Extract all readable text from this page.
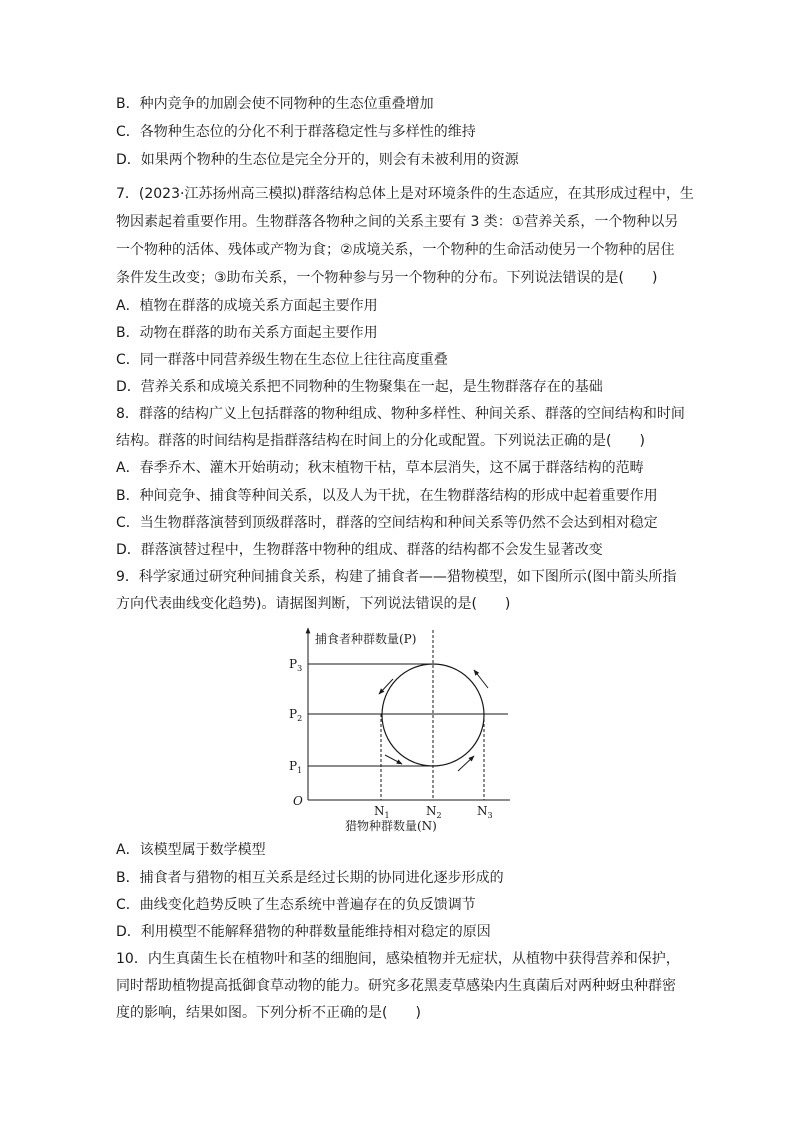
B．种内竞争的加剧会使不同物种的生态位重叠增加
C．各物种生态位的分化不利于群落稳定性与多样性的维持
D．如果两个物种的生态位是完全分开的，则会有未被利用的资源
7．(2023·江苏扬州高三模拟)群落结构总体上是对环境条件的生态适应，在其形成过程中，生
物因素起着重要作用。生物群落各物种之间的关系主要有 3 类：①营养关系，一个物种以另
一个物种的活体、残体或产物为食；②成境关系，一个物种的生命活动使另一个物种的居住
条件发生改变；③助布关系，一个物种参与另一个物种的分布。下列说法错误的是(　　)
A．植物在群落的成境关系方面起主要作用
B．动物在群落的助布关系方面起主要作用
C．同一群落中同营养级生物在生态位上往往高度重叠
D．营养关系和成境关系把不同物种的生物聚集在一起，是生物群落存在的基础
8．群落的结构广义上包括群落的物种组成、物种多样性、种间关系、群落的空间结构和时间
结构。群落的时间结构是指群落结构在时间上的分化或配置。下列说法正确的是(　　)
A．春季乔木、灌木开始萌动；秋末植物干枯，草本层消失，这不属于群落结构的范畴
B．种间竞争、捕食等种间关系，以及人为干扰，在生物群落结构的形成中起着重要作用
C．当生物群落演替到顶级群落时，群落的空间结构和种间关系等仍然不会达到相对稳定
D．群落演替过程中，生物群落中物种的组成、群落的结构都不会发生显著改变
9．科学家通过研究种间捕食关系，构建了捕食者——猎物模型，如下图所示(图中箭头所指
方向代表曲线变化趋势)。请据图判断，下列说法错误的是(　　)
A．该模型属于数学模型
B．捕食者与猎物的相互关系是经过长期的协同进化逐步形成的
C．曲线变化趋势反映了生态系统中普遍存在的负反馈调节
D．利用模型不能解释猎物的种群数量能维持相对稳定的原因
10．内生真菌生长在植物叶和茎的细胞间，感染植物并无症状，从植物中获得营养和保护，
同时帮助植物提高抵御食草动物的能力。研究多花黑麦草感染内生真菌后对两种蚜虫种群密
度的影响，结果如图。下列分析不正确的是(　　)
捕食者种群数量(P)
猎物种群数量(N)
O
$P_3$
$P_2$
$P_1$
$N_1$	$N_2$	$N_3$
